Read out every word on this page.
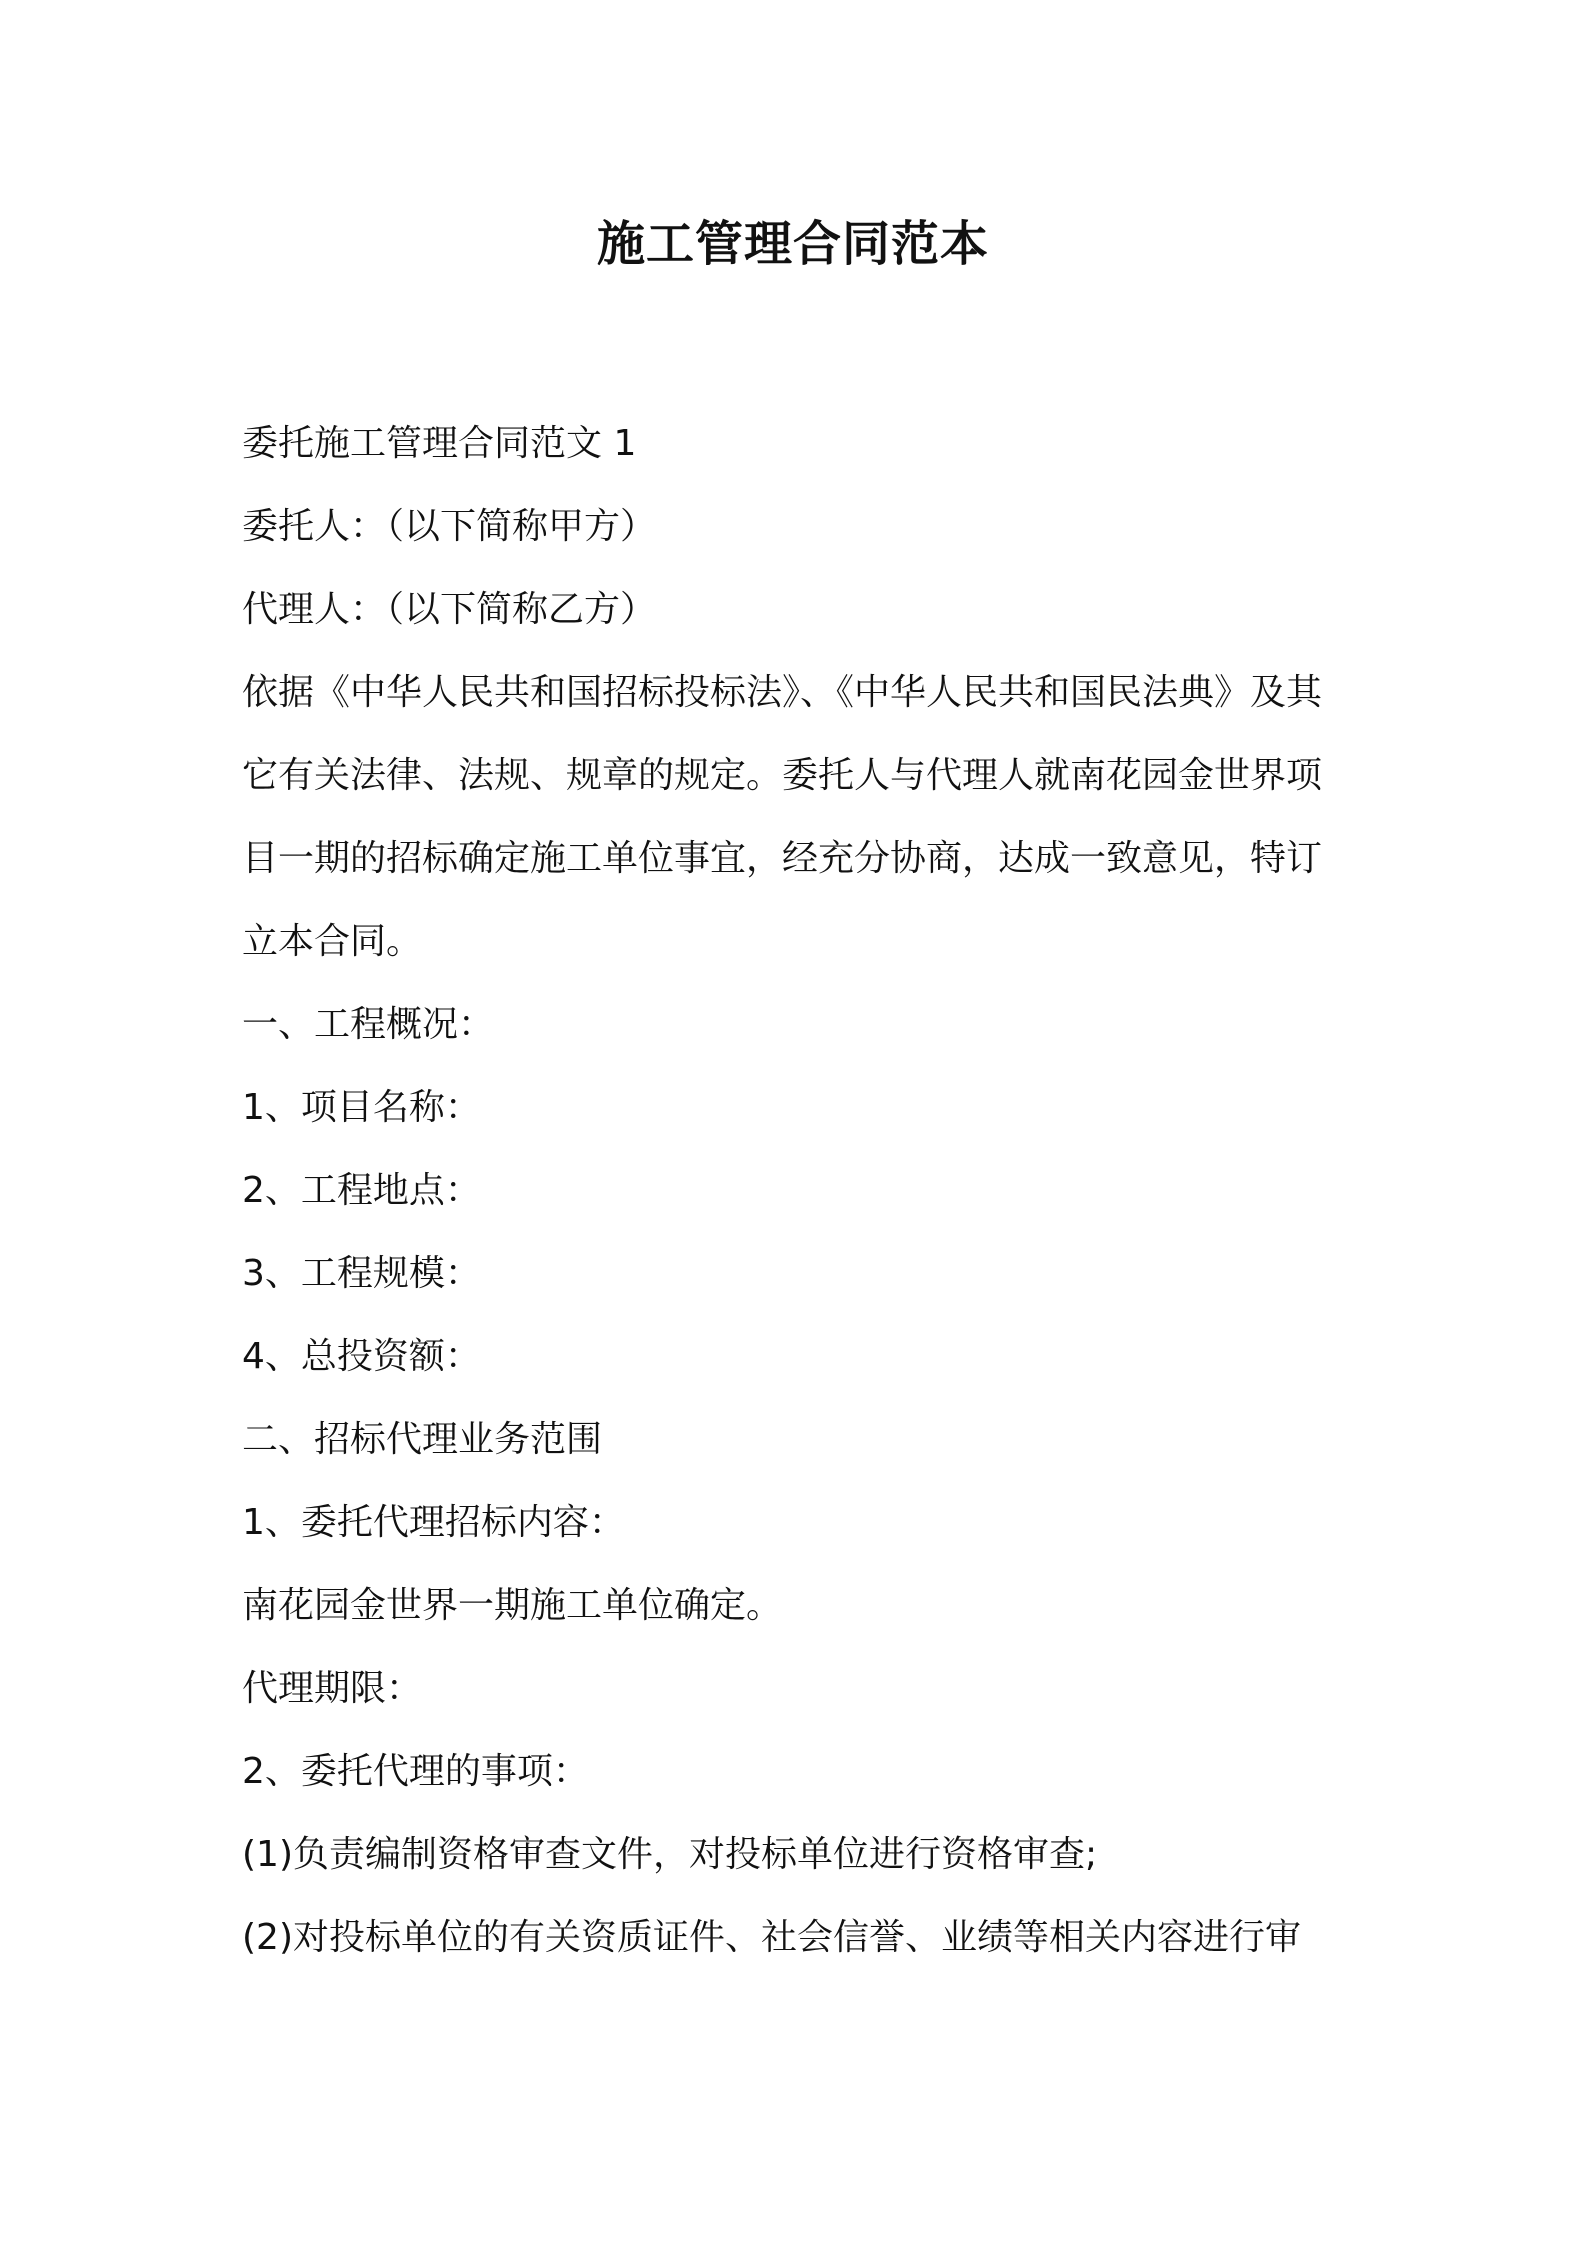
施工管理合同范本

委托施工管理合同范文 1

委托人：（以下简称甲方）

代理人：（以下简称乙方）

依据《中华人民共和国招标投标法》、《中华人民共和国民法典》及其

它有关法律、法规、规章的规定。委托人与代理人就南花园金世界项

目一期的招标确定施工单位事宜，经充分协商，达成一致意见，特订

立本合同。

一、工程概况：

1、项目名称：

2、工程地点：

3、工程规模：

4、总投资额：

二、招标代理业务范围

1、委托代理招标内容：

南花园金世界一期施工单位确定。

代理期限：

2、委托代理的事项：

(1)负责编制资格审查文件，对投标单位进行资格审查;

(2)对投标单位的有关资质证件、社会信誉、业绩等相关内容进行审
